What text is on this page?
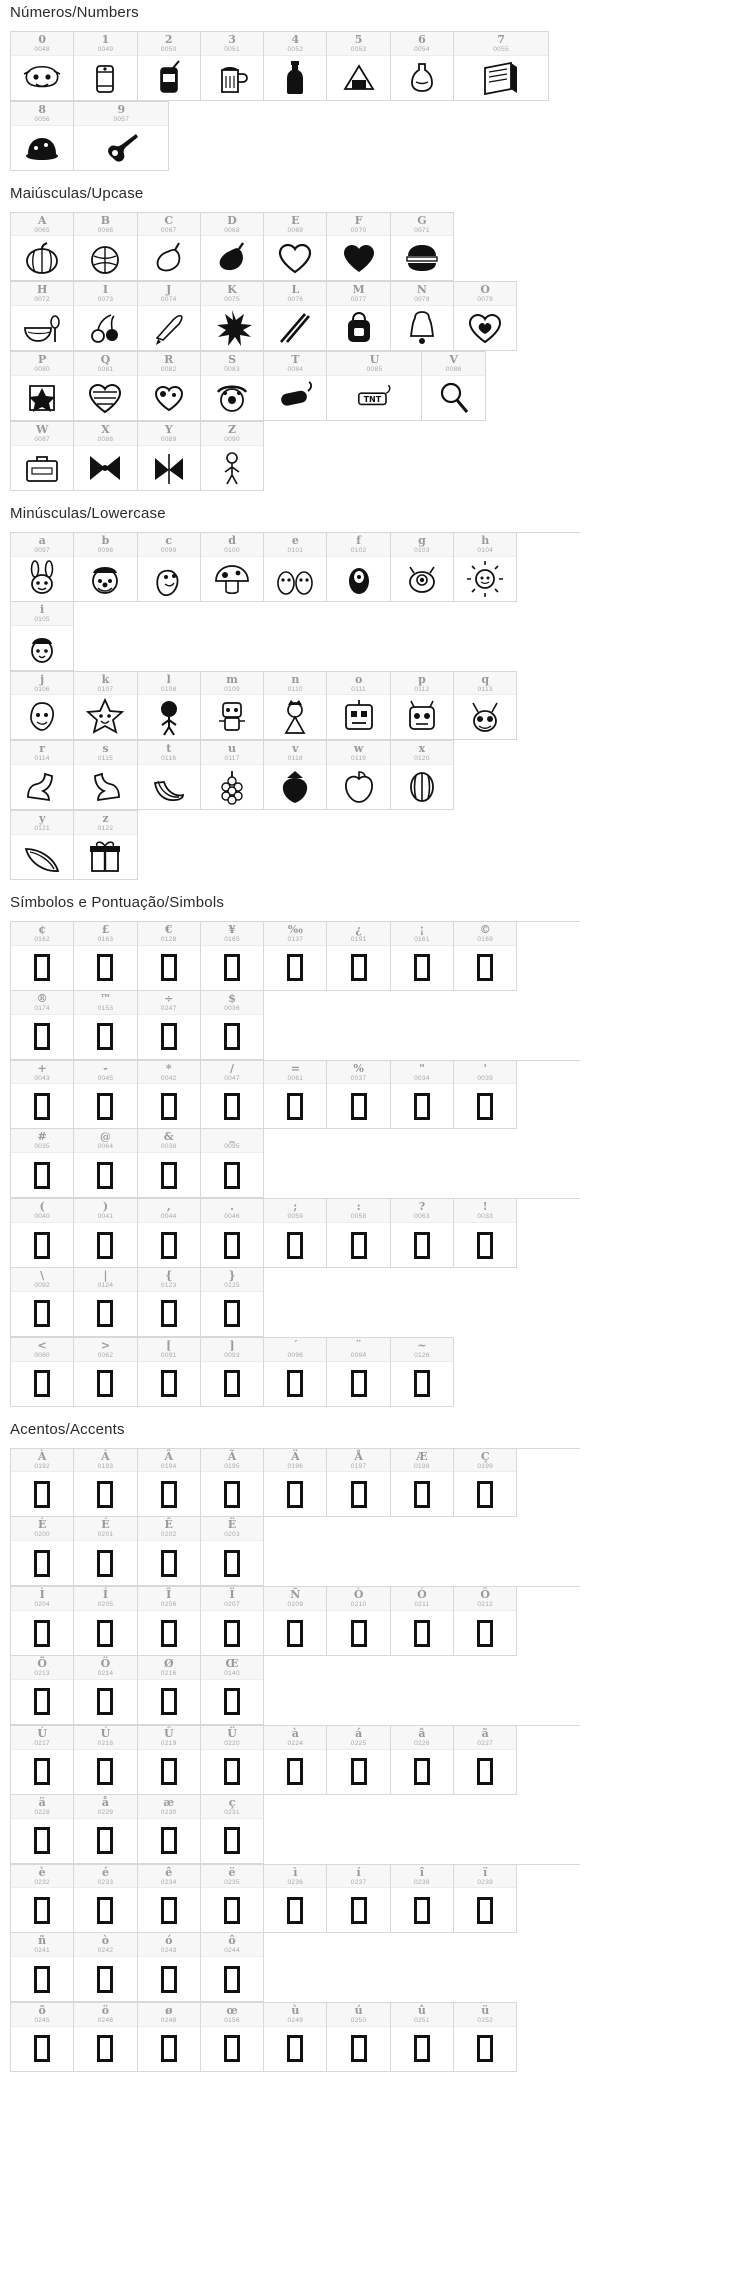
Números/Numbers
0
0048
1
0049
2
0050
3
0051
4
0052
5
0053
6
0054
7
0055
8
0056
9
0057
Maiúsculas/Upcase
A
0065
B
0066
C
0067
D
0068
E
0069
F
0070
G
0071
H
0072
I
0073
J
0074
K
0075
L
0076
M
0077
N
0078
O
0079
P
0080
Q
0081
R
0082
S
0083
T
0084
U
0085
TNT
V
0086
W
0087
X
0088
Y
0089
Z
0090
Minúsculas/Lowercase
a
0097
b
0098
c
0099
d
0100
e
0101
f
0102
g
0103
h
0104
i
0105
j
0106
k
0107
l
0108
m
0109
n
0110
o
0111
p
0112
q
0113
r
0114
s
0115
t
0116
u
0117
v
0118
w
0119
x
0120
y
0121
z
0122
Símbolos e Pontuação/Simbols
¢
0162
£
0163
€
0128
¥
0165
‰
0137
¿
0191
¡
0161
©
0169
®
0174
™
0153
÷
0247
$
0036
+
0043
-
0045
*
0042
/
0047
=
0061
%
0037
"
0034
'
0039
#
0035
@
0064
&
0038
_
0095
(
0040
)
0041
,
0044
.
0046
;
0059
:
0058
?
0063
!
0033
\
0092
|
0124
{
0123
}
0125
<
0060
>
0062
[
0091
]
0093
´
0096
¨
0094
~
0126
Acentos/Accents
À
0192
Á
0193
Â
0194
Ã
0195
Ä
0196
Å
0197
Æ
0198
Ç
0199
È
0200
É
0201
Ê
0202
Ë
0203
Ì
0204
Í
0205
Î
0206
Ï
0207
Ñ
0209
Ò
0210
Ó
0211
Ô
0212
Õ
0213
Ö
0214
Ø
0216
Œ
0140
Ù
0217
Ú
0218
Û
0219
Ü
0220
à
0224
á
0225
â
0226
ã
0227
ä
0228
å
0229
æ
0230
ç
0231
è
0232
é
0233
ê
0234
ë
0235
ì
0236
í
0237
î
0238
ï
0239
ñ
0241
ò
0242
ó
0243
ô
0244
õ
0245
ö
0246
ø
0248
œ
0156
ù
0249
ú
0250
û
0251
ü
0252
